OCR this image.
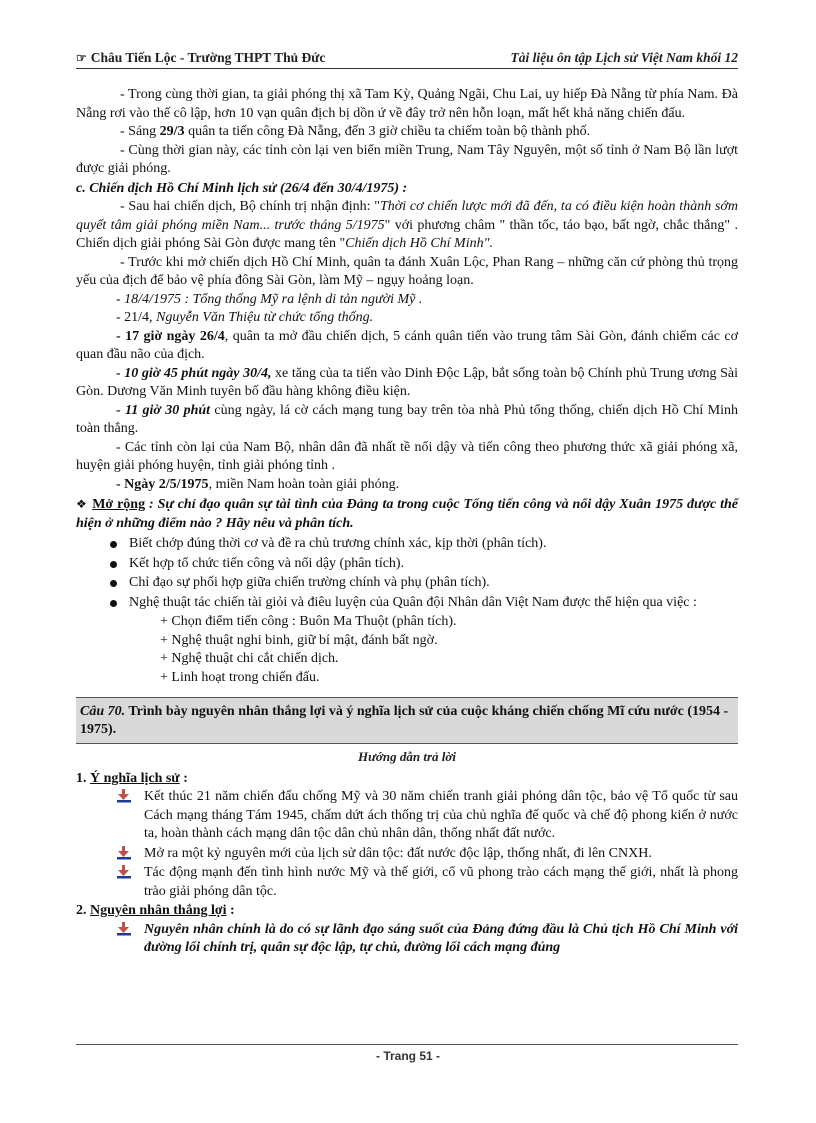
☞ Châu Tiến Lộc - Trường THPT Thủ Đức	Tài liệu ôn tập Lịch sử Việt Nam khối 12

- Trong cùng thời gian, ta giải phóng thị xã Tam Kỳ, Quảng Ngãi, Chu Lai, uy hiếp Đà Nẵng từ phía Nam. Đà Nẵng rơi vào thế cô lập, hơn 10 vạn quân địch bị dồn ứ về đây trở nên hỗn loạn, mất hết khả năng chiến đấu.

- Sáng 29/3 quân ta tiến công Đà Nẵng, đến 3 giờ chiều ta chiếm toàn bộ thành phố.

- Cùng thời gian này, các tỉnh còn lại ven biển miền Trung, Nam Tây Nguyên, một số tỉnh ở Nam Bộ lần lượt được giải phóng.

c. Chiến dịch Hồ Chí Minh lịch sử (26/4 đến 30/4/1975) :

- Sau hai chiến dịch, Bộ chính trị nhận định: "Thời cơ chiến lược mới đã đến, ta có điều kiện hoàn thành sớm quyết tâm giải phóng miền Nam... trước tháng 5/1975" với phương châm " thần tốc, táo bạo, bất ngờ, chắc thắng" . Chiến dịch giải phóng Sài Gòn được mang tên "Chiến dịch Hồ Chí Minh".

- Trước khi mở chiến dịch Hồ Chí Minh, quân ta đánh Xuân Lộc, Phan Rang – những căn cứ phòng thủ trọng yếu của địch để bảo vệ phía đông Sài Gòn, làm Mỹ – ngụy hoảng loạn.

- 18/4/1975 : Tổng thống Mỹ ra lệnh di tản người Mỹ .

- 21/4, Nguyễn Văn Thiệu từ chức tổng thống.

- 17 giờ ngày 26/4, quân ta mở đầu chiến dịch, 5 cánh quân tiến vào trung tâm Sài Gòn, đánh chiếm các cơ quan đầu não của địch.

- 10 giờ 45 phút ngày 30/4, xe tăng của ta tiến vào Dinh Độc Lập, bắt sống toàn bộ Chính phủ Trung ương Sài Gòn. Dương Văn Minh tuyên bố đầu hàng không điều kiện.

- 11 giờ 30 phút cùng ngày, lá cờ cách mạng tung bay trên tòa nhà Phủ tổng thống, chiến dịch Hồ Chí Minh toàn thắng.

- Các tỉnh còn lại của Nam Bộ, nhân dân đã nhất tề nổi dậy và tiến công theo phương thức xã giải phóng xã, huyện giải phóng huyện, tỉnh giải phóng tỉnh .

- Ngày 2/5/1975, miền Nam hoàn toàn giải phóng.

❖ Mở rộng : Sự chỉ đạo quân sự tài tình của Đảng ta trong cuộc Tổng tiến công và nổi dậy Xuân 1975 được thể hiện ở những điểm nào ? Hãy nêu và phân tích.

Biết chớp đúng thời cơ và đề ra chủ trương chính xác, kịp thời (phân tích).
Kết hợp tổ chức tiến công và nổi dậy (phân tích).
Chỉ đạo sự phối hợp giữa chiến trường chính và phụ (phân tích).
Nghệ thuật tác chiến tài giỏi và điêu luyện của Quân đội Nhân dân Việt Nam được thể hiện qua việc :
+ Chọn điểm tiến công : Buôn Ma Thuột (phân tích).
+ Nghệ thuật nghi binh, giữ bí mật, đánh bất ngờ.
+ Nghệ thuật chi cắt chiến dịch.
+ Linh hoạt trong chiến đấu.
Câu 70. Trình bày nguyên nhân thắng lợi và ý nghĩa lịch sử của cuộc kháng chiến chống Mĩ cứu nước (1954 - 1975).
Hướng dẫn trả lời
1. Ý nghĩa lịch sử :
Kết thúc 21 năm chiến đấu chống Mỹ và 30 năm chiến tranh giải phóng dân tộc, bảo vệ Tổ quốc từ sau Cách mạng tháng Tám 1945, chấm dứt ách thống trị của chủ nghĩa đế quốc và chế độ phong kiến ở nước ta, hoàn thành cách mạng dân tộc dân chủ nhân dân, thống nhất đất nước.
Mở ra một kỷ nguyên mới của lịch sử dân tộc: đất nước độc lập, thống nhất, đi lên CNXH.
Tác động mạnh đến tình hình nước Mỹ và thế giới, cổ vũ phong trào cách mạng thế giới, nhất là phong trào giải phóng dân tộc.
2. Nguyên nhân thắng lợi :
Nguyên nhân chính là do có sự lãnh đạo sáng suốt của Đảng đứng đầu là Chủ tịch Hồ Chí Minh với đường lối chính trị, quân sự độc lập, tự chủ, đường lối cách mạng đúng
- Trang 51 -
